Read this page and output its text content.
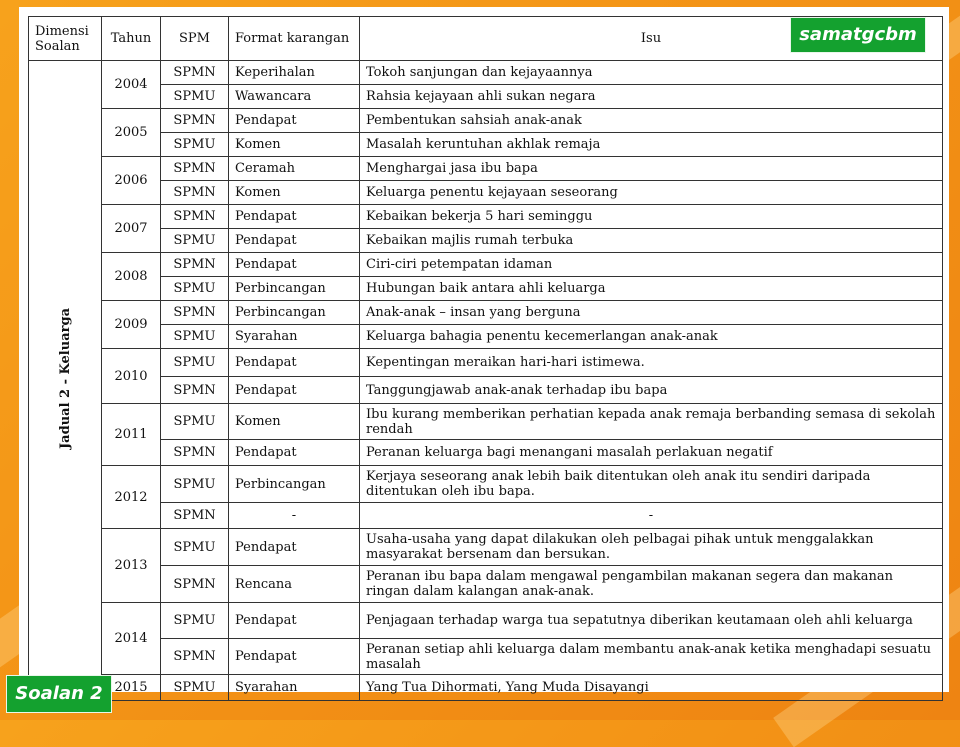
Dimensi Soalan	Tahun	SPM	Format karangan	Isu
Jadual 2 - Keluarga	2004	SPMN	Keperihalan	Tokoh sanjungan dan kejayaannya
		SPMU	Wawancara	Rahsia kejayaan ahli sukan negara
	2005	SPMN	Pendapat	Pembentukan sahsiah anak-anak
		SPMU	Komen	Masalah keruntuhan akhlak remaja
	2006	SPMN	Ceramah	Menghargai jasa ibu bapa
		SPMN	Komen	Keluarga penentu kejayaan seseorang
	2007	SPMN	Pendapat	Kebaikan bekerja 5 hari seminggu
		SPMU	Pendapat	Kebaikan majlis rumah terbuka
	2008	SPMN	Pendapat	Ciri-ciri petempatan idaman
		SPMU	Perbincangan	Hubungan baik antara ahli keluarga
	2009	SPMN	Perbincangan	Anak-anak – insan yang berguna
		SPMU	Syarahan	Keluarga bahagia penentu kecemerlangan anak-anak
	2010	SPMU	Pendapat	Kepentingan meraikan hari-hari istimewa.
		SPMN	Pendapat	Tanggungjawab anak-anak terhadap ibu bapa
	2011	SPMU	Komen	Ibu kurang memberikan perhatian kepada anak remaja berbanding semasa di sekolah rendah
		SPMN	Pendapat	Peranan keluarga bagi menangani masalah perlakuan negatif
	2012	SPMU	Perbincangan	Kerjaya seseorang anak lebih baik ditentukan oleh anak itu sendiri daripada ditentukan oleh ibu bapa.
		SPMN	-	-
	2013	SPMU	Pendapat	Usaha-usaha yang dapat dilakukan oleh pelbagai pihak untuk menggalakkan masyarakat bersenam dan bersukan.
		SPMN	Rencana	Peranan ibu bapa dalam mengawal pengambilan makanan segera dan makanan ringan dalam kalangan anak-anak.
	2014	SPMU	Pendapat	Penjagaan terhadap warga tua sepatutnya diberikan keutamaan oleh ahli keluarga
		SPMN	Pendapat	Peranan setiap ahli keluarga dalam membantu anak-anak ketika menghadapi sesuatu masalah
	2015	SPMU	Syarahan	Yang Tua Dihormati, Yang Muda Disayangi
samatgcbm
Soalan 2
